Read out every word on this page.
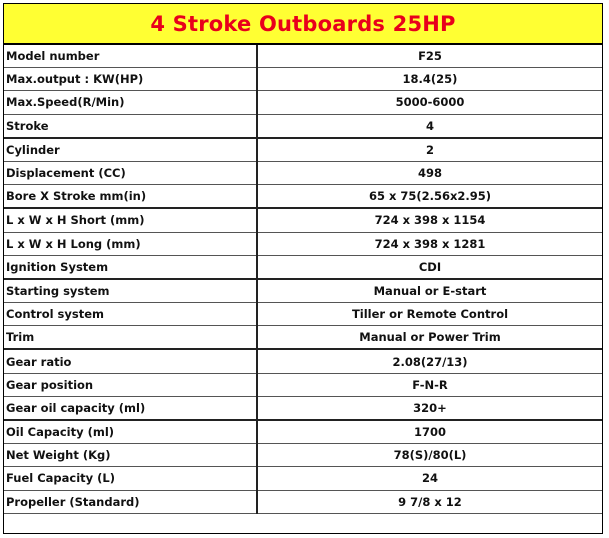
4 Stroke Outboards 25HP
Model number	F25
Max.output : KW(HP)	18.4(25)
Max.Speed(R/Min)	5000-6000
Stroke	4
Cylinder	2
Displacement (CC)	498
Bore X Stroke mm(in)	65 x 75(2.56x2.95)
L x W x H Short (mm)	724 x 398 x 1154
L x W x H Long (mm)	724 x 398 x 1281
Ignition System	CDI
Starting system	Manual or E-start
Control system	Tiller or Remote Control
Trim	Manual or Power Trim
Gear ratio	2.08(27/13)
Gear position	F-N-R
Gear oil capacity (ml)	320+
Oil Capacity (ml)	1700
Net Weight (Kg)	78(S)/80(L)
Fuel Capacity (L)	24
Propeller (Standard)	9 7/8 x 12
